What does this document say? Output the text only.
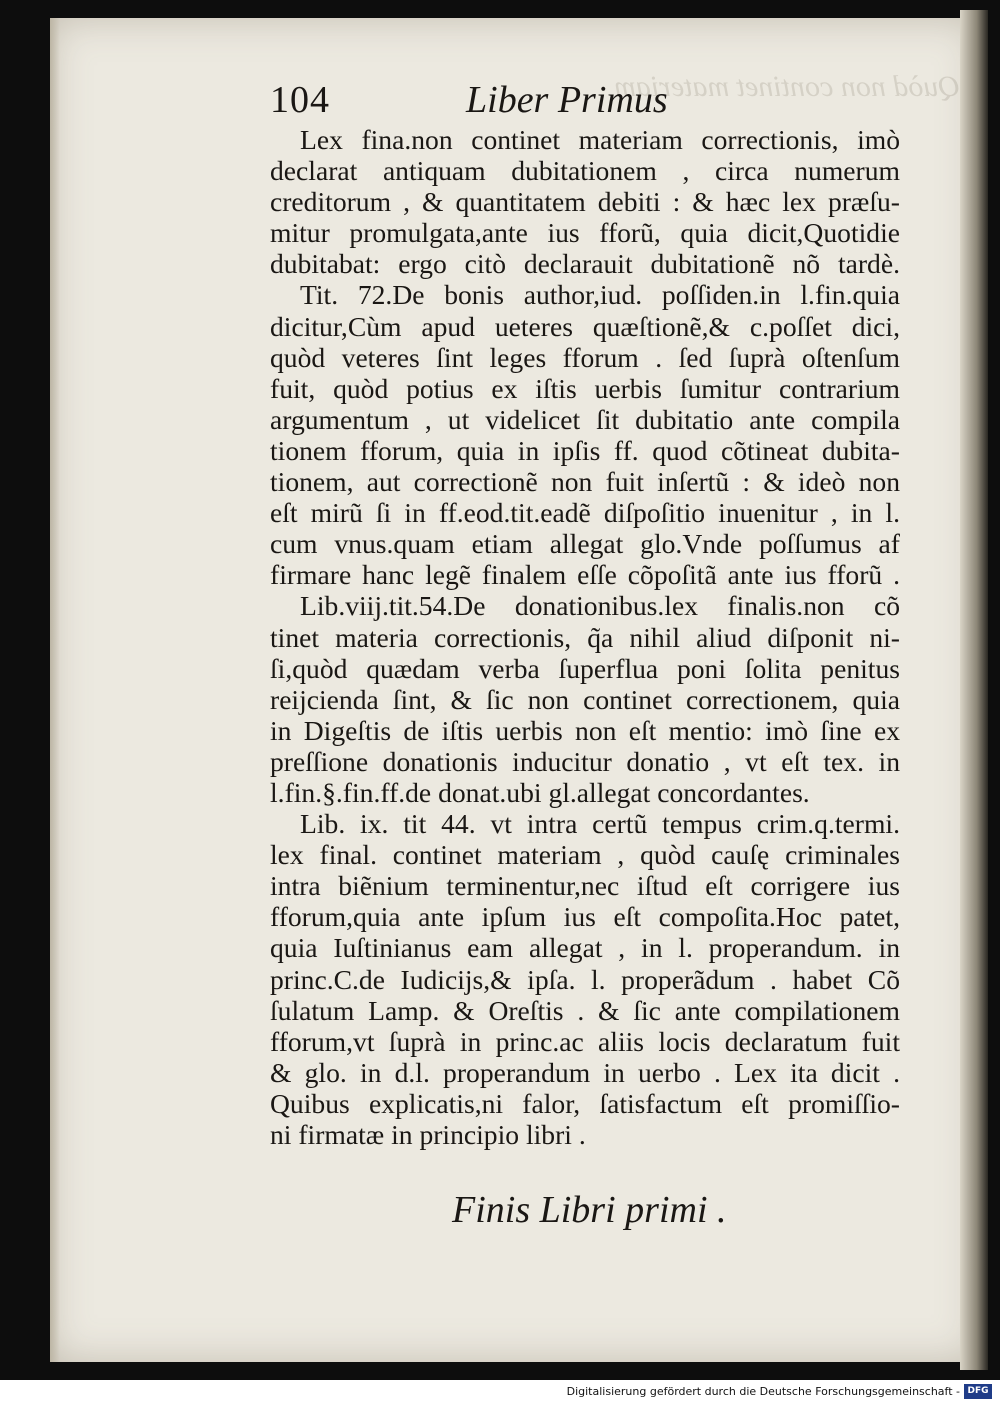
Quòd non continet materiam
104	Liber Primus
Lex fina.non continet materiam correctionis, imò
declarat antiquam dubitationem , circa numerum
creditorum , & quantitatem debiti : & hæc lex præſu-
mitur promulgata,ante ius fforũ, quia dicit,Quotidie
dubitabat: ergo citò declarauit dubitationẽ nõ tardè.
Tit. 72.De bonis author,iud. poſſiden.in l.fin.quia
dicitur,Cùm apud ueteres quæſtionẽ,& c.poſſet dici,
quòd veteres ſint leges fforum . ſed ſuprà oſtenſum
fuit, quòd potius ex iſtis uerbis ſumitur contrarium
argumentum , ut videlicet ſit dubitatio ante compila
tionem fforum, quia in ipſis ff. quod cõtineat dubita-
tionem, aut correctionẽ non fuit inſertũ : & ideò non
eſt mirũ ſi in ff.eod.tit.eadẽ diſpoſitio inuenitur , in l.
cum vnus.quam etiam allegat glo.Vnde poſſumus af
firmare hanc legẽ finalem eſſe cõpoſitã ante ius fforũ .
Lib.viij.tit.54.De donationibus.lex finalis.non cõ
tinet materia correctionis, q̃a nihil aliud diſponit ni-
ſi,quòd quædam verba ſuperflua poni ſolita penitus
reijcienda ſint, & ſic non continet correctionem, quia
in Digeſtis de iſtis uerbis non eſt mentio: imò ſine ex
preſſione donationis inducitur donatio , vt eſt tex. in
l.fin.§.fin.ff.de donat.ubi gl.allegat concordantes.
Lib. ix. tit 44. vt intra certũ tempus crim.q.termi.
lex final. continet materiam , quòd cauſę criminales
intra biẽnium terminentur,nec iſtud eſt corrigere ius
fforum,quia ante ipſum ius eſt compoſita.Hoc patet,
quia Iuſtinianus eam allegat , in l. properandum. in
princ.C.de Iudicijs,& ipſa. l. properãdum . habet Cõ
ſulatum Lamp. & Oreſtis . & ſic ante compilationem
fforum,vt ſuprà in princ.ac aliis locis declaratum fuit
& glo. in d.l. properandum in uerbo . Lex ita dicit .
Quibus explicatis,ni falor, ſatisfactum eſt promiſſio-
ni firmatæ in principio libri .
Finis Libri primi .
Digitalisierung gefördert durch die Deutsche Forschungsgemeinschaft - DFG
